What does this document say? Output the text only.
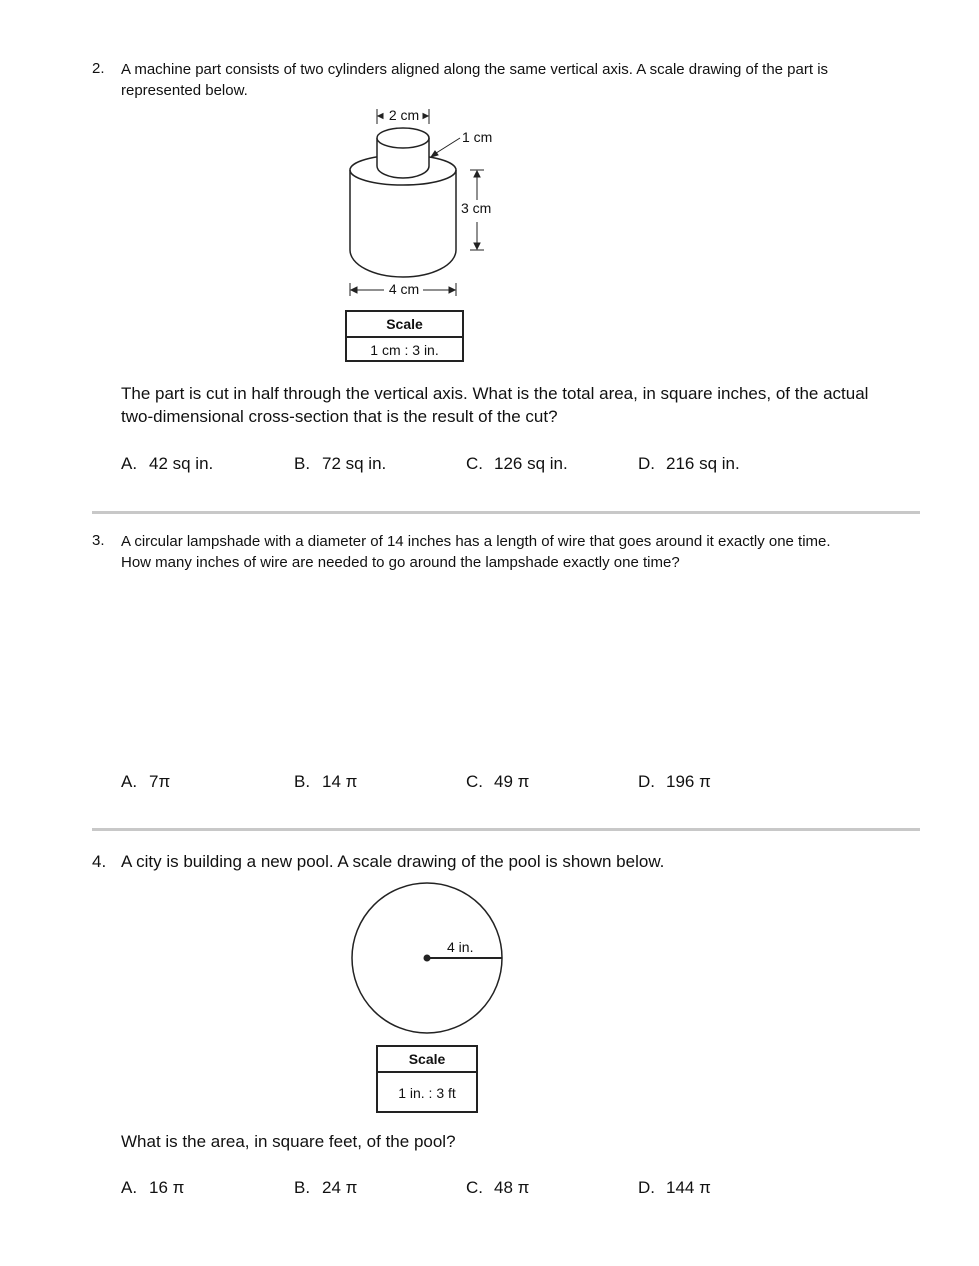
2. A machine part consists of two cylinders aligned along the same vertical axis. A scale drawing of the part is
represented below.
2 cm
1 cm
3 cm
4 cm
Scale
1 cm : 3 in.
The part is cut in half through the vertical axis. What is the total area, in square inches, of the actual
two-dimensional cross-section that is the result of the cut?
A. 42 sq in.	B. 72 sq in.	C. 126 sq in.	D. 216 sq in.
3. A circular lampshade with a diameter of 14 inches has a length of wire that goes around it exactly one time.
How many inches of wire are needed to go around the lampshade exactly one time?
A. 7π	B. 14 π	C. 49 π	D. 196 π
4. A city is building a new pool. A scale drawing of the pool is shown below.
4 in.
Scale
1 in. : 3 ft
What is the area, in square feet, of the pool?
A. 16 π	B. 24 π	C. 48 π	D. 144 π
